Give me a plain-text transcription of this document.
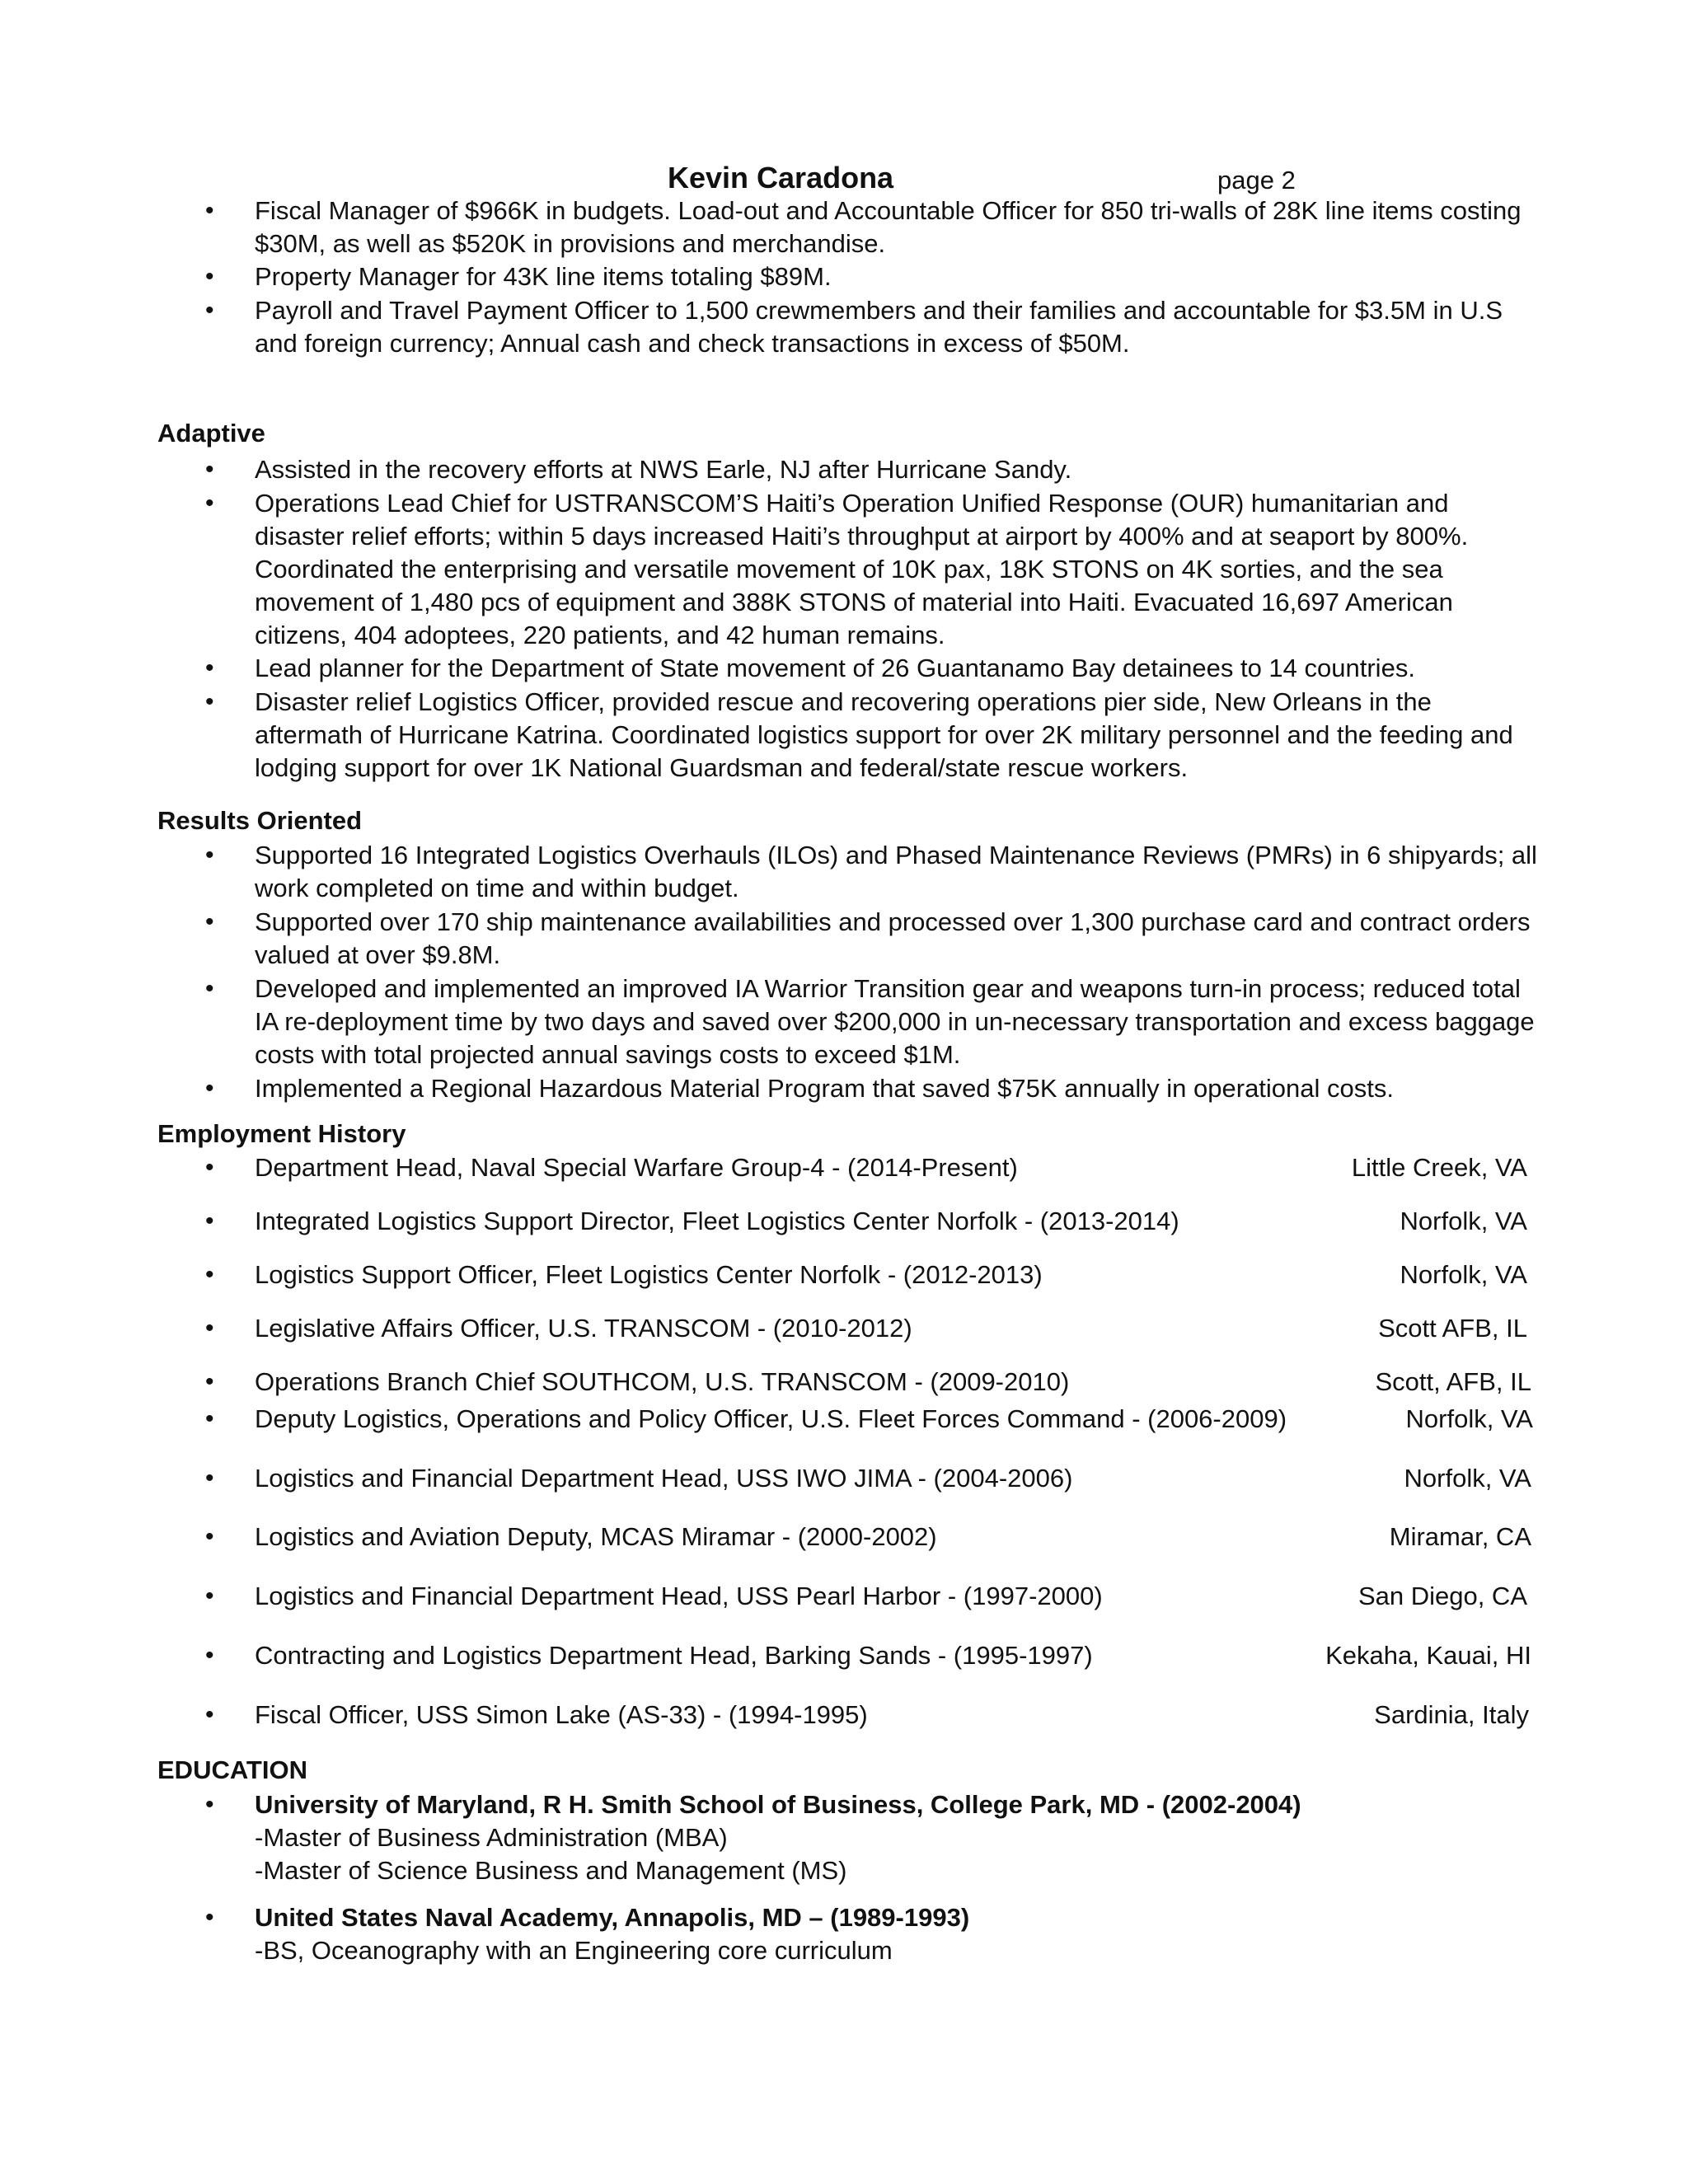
Kevin Caradona	page 2
• Fiscal Manager of $966K in budgets. Load-out and Accountable Officer for 850 tri-walls of 28K line items costing $30M, as well as $520K in provisions and merchandise.
• Property Manager for 43K line items totaling $89M.
• Payroll and Travel Payment Officer to 1,500 crewmembers and their families and accountable for $3.5M in U.S and foreign currency; Annual cash and check transactions in excess of $50M.
Adaptive
• Assisted in the recovery efforts at NWS Earle, NJ after Hurricane Sandy.
• Operations Lead Chief for USTRANSCOM’S Haiti’s Operation Unified Response (OUR) humanitarian and disaster relief efforts; within 5 days increased Haiti’s throughput at airport by 400% and at seaport by 800%. Coordinated the enterprising and versatile movement of 10K pax, 18K STONS on 4K sorties, and the sea movement of 1,480 pcs of equipment and 388K STONS of material into Haiti. Evacuated 16,697 American citizens, 404 adoptees, 220 patients, and 42 human remains.
• Lead planner for the Department of State movement of 26 Guantanamo Bay detainees to 14 countries.
• Disaster relief Logistics Officer, provided rescue and recovering operations pier side, New Orleans in the aftermath of Hurricane Katrina. Coordinated logistics support for over 2K military personnel and the feeding and lodging support for over 1K National Guardsman and federal/state rescue workers.
Results Oriented
• Supported 16 Integrated Logistics Overhauls (ILOs) and Phased Maintenance Reviews (PMRs) in 6 shipyards; all work completed on time and within budget.
• Supported over 170 ship maintenance availabilities and processed over 1,300 purchase card and contract orders valued at over $9.8M.
• Developed and implemented an improved IA Warrior Transition gear and weapons turn-in process; reduced total IA re-deployment time by two days and saved over $200,000 in un-necessary transportation and excess baggage costs with total projected annual savings costs to exceed $1M.
• Implemented a Regional Hazardous Material Program that saved $75K annually in operational costs.
Employment History
• Department Head, Naval Special Warfare Group-4 - (2014-Present)	Little Creek, VA
• Integrated Logistics Support Director, Fleet Logistics Center Norfolk - (2013-2014)	Norfolk, VA
• Logistics Support Officer, Fleet Logistics Center Norfolk - (2012-2013)	Norfolk, VA
• Legislative Affairs Officer, U.S. TRANSCOM - (2010-2012)	Scott AFB, IL
• Operations Branch Chief SOUTHCOM, U.S. TRANSCOM - (2009-2010)	Scott, AFB, IL
• Deputy Logistics, Operations and Policy Officer, U.S. Fleet Forces Command - (2006-2009)	Norfolk, VA
• Logistics and Financial Department Head, USS IWO JIMA - (2004-2006)	Norfolk, VA
• Logistics and Aviation Deputy, MCAS Miramar - (2000-2002)	Miramar, CA
• Logistics and Financial Department Head, USS Pearl Harbor - (1997-2000)	San Diego, CA
• Contracting and Logistics Department Head, Barking Sands - (1995-1997)	Kekaha, Kauai, HI
• Fiscal Officer, USS Simon Lake (AS-33) - (1994-1995)	Sardinia, Italy
EDUCATION
• University of Maryland, R H. Smith School of Business, College Park, MD - (2002-2004)
-Master of Business Administration (MBA)
-Master of Science Business and Management (MS)
• United States Naval Academy, Annapolis, MD – (1989-1993)
-BS, Oceanography with an Engineering core curriculum
